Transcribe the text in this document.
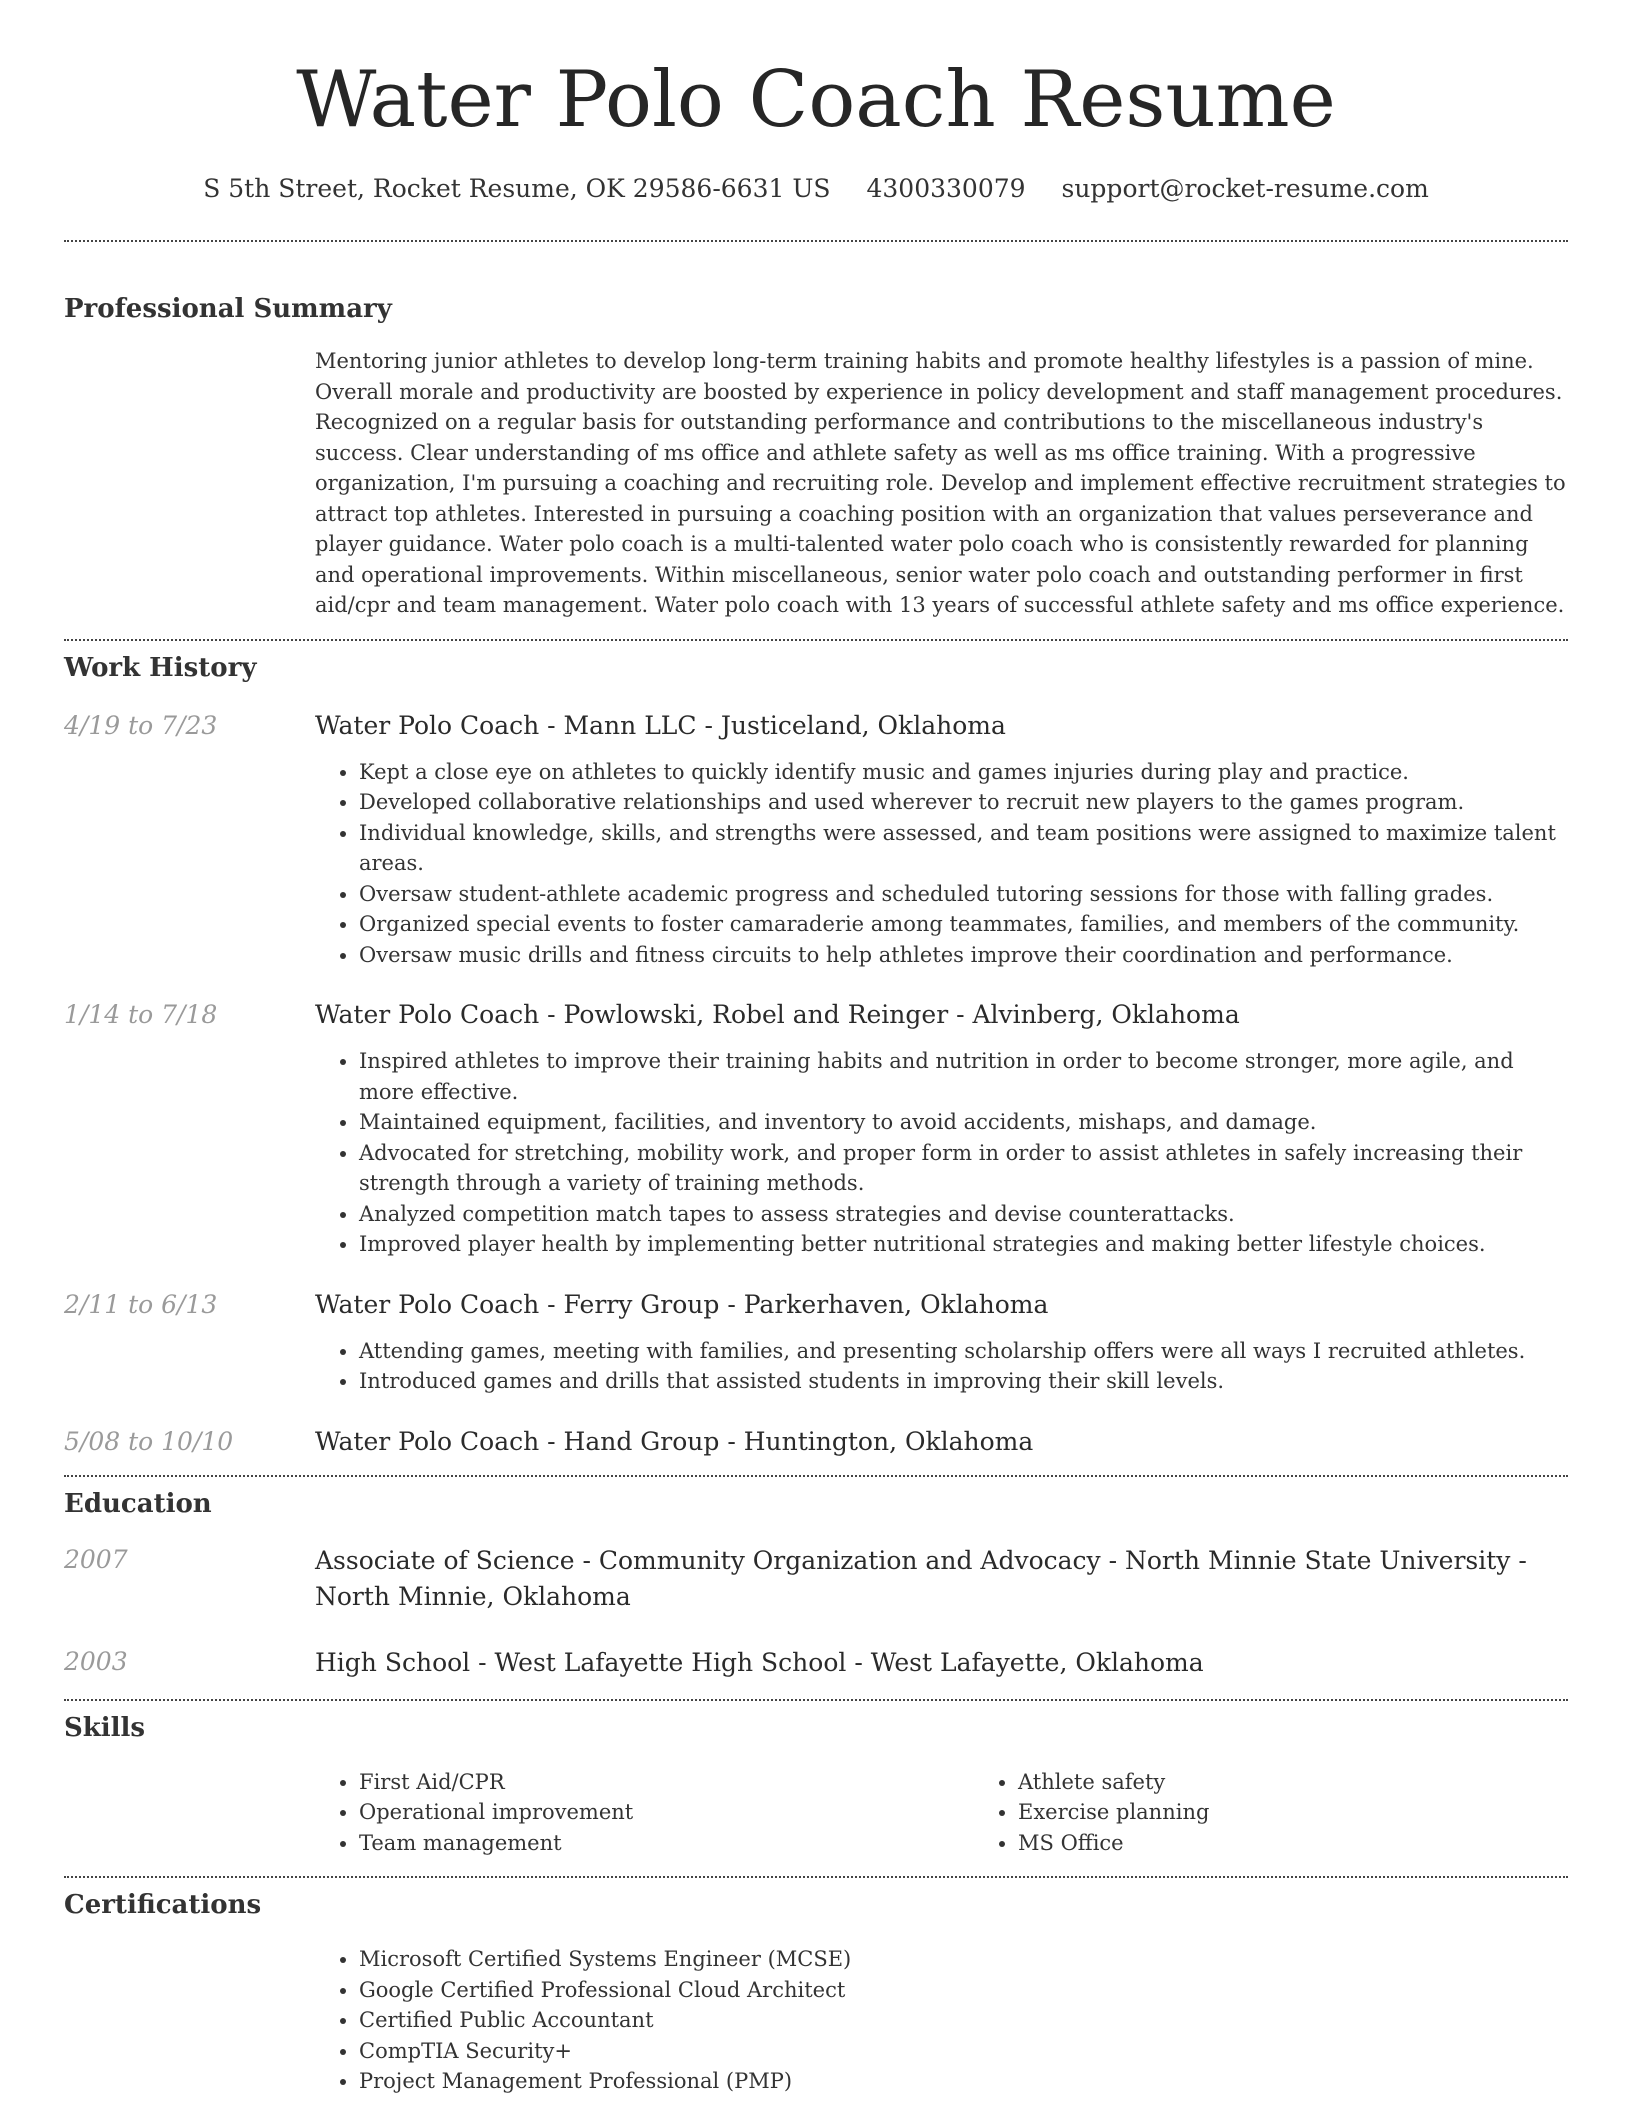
Water Polo Coach Resume
S 5th Street, Rocket Resume, OK 29586-6631 US 4300330079 support@rocket-resume.com
Professional Summary

Mentoring junior athletes to develop long-term training habits and promote healthy lifestyles is a passion of mine. Overall morale and productivity are boosted by experience in policy development and staff management procedures. Recognized on a regular basis for outstanding performance and contributions to the miscellaneous industry's success. Clear understanding of ms office and athlete safety as well as ms office training. With a progressive organization, I'm pursuing a coaching and recruiting role. Develop and implement effective recruitment strategies to attract top athletes. Interested in pursuing a coaching position with an organization that values perseverance and player guidance. Water polo coach is a multi-talented water polo coach who is consistently rewarded for planning and operational improvements. Within miscellaneous, senior water polo coach and outstanding performer in first aid/cpr and team management. Water polo coach with 13 years of successful athlete safety and ms office experience.

Work History
4/19 to 7/23	Water Polo Coach - Mann LLC - Justiceland, Oklahoma
• Kept a close eye on athletes to quickly identify music and games injuries during play and practice.
• Developed collaborative relationships and used wherever to recruit new players to the games program.
• Individual knowledge, skills, and strengths were assessed, and team positions were assigned to maximize talent areas.
• Oversaw student-athlete academic progress and scheduled tutoring sessions for those with falling grades.
• Organized special events to foster camaraderie among teammates, families, and members of the community.
• Oversaw music drills and fitness circuits to help athletes improve their coordination and performance.
1/14 to 7/18	Water Polo Coach - Powlowski, Robel and Reinger - Alvinberg, Oklahoma
• Inspired athletes to improve their training habits and nutrition in order to become stronger, more agile, and more effective.
• Maintained equipment, facilities, and inventory to avoid accidents, mishaps, and damage.
• Advocated for stretching, mobility work, and proper form in order to assist athletes in safely increasing their strength through a variety of training methods.
• Analyzed competition match tapes to assess strategies and devise counterattacks.
• Improved player health by implementing better nutritional strategies and making better lifestyle choices.
2/11 to 6/13	Water Polo Coach - Ferry Group - Parkerhaven, Oklahoma
• Attending games, meeting with families, and presenting scholarship offers were all ways I recruited athletes.
• Introduced games and drills that assisted students in improving their skill levels.
5/08 to 10/10	Water Polo Coach - Hand Group - Huntington, Oklahoma
Education
2007	Associate of Science - Community Organization and Advocacy - North Minnie State University - North Minnie, Oklahoma
2003	High School - West Lafayette High School - West Lafayette, Oklahoma
Skills
• First Aid/CPR
• Operational improvement
• Team management
• Athlete safety
• Exercise planning
• MS Office
Certifications
• Microsoft Certified Systems Engineer (MCSE)
• Google Certified Professional Cloud Architect
• Certified Public Accountant
• CompTIA Security+
• Project Management Professional (PMP)
